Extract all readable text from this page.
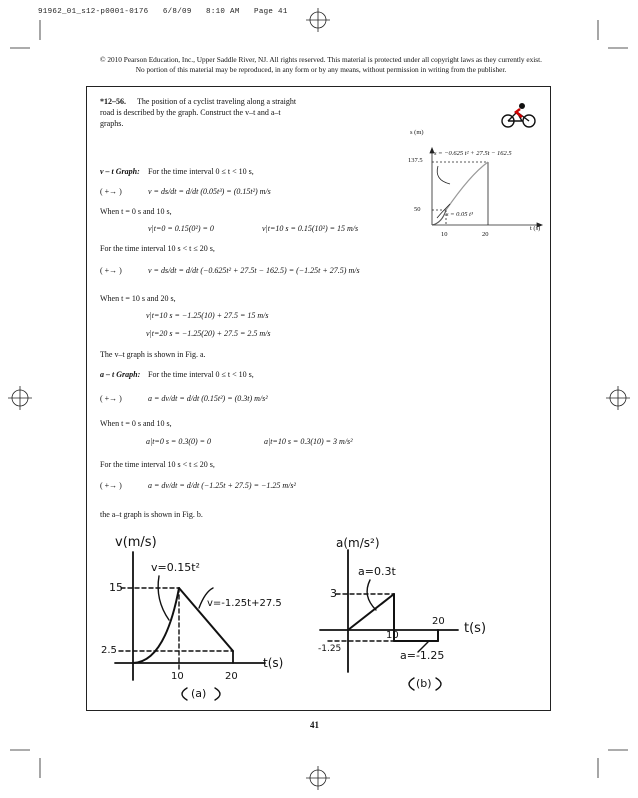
91962_01_s12-p0001-0176   6/8/09   8:10 AM   Page 41
© 2010 Pearson Education, Inc., Upper Saddle River, NJ. All rights reserved. This material is protected under all copyright laws as they currently exist. No portion of this material may be reproduced, in any form or by any means, without permission in writing from the publisher.
*12–56. The position of a cyclist traveling along a straight
road is described by the graph. Construct the v–t and a–t
graphs.
s (m)
t (s)
137.5
50
10	20
s = 0.05 t³
s = −0.625 t² + 27.5t − 162.5
v – t Graph: For the time interval 0 ≤ t < 10 s,
( +→ )	v = ds/dt = d/dt (0.05t³) = (0.15t²) m/s
When t = 0 s and 10 s,
v|t=0 = 0.15(0²) = 0	v|t=10 s = 0.15(10²) = 15 m/s
For the time interval 10 s < t ≤ 20 s,
( +→ )	v = ds/dt = d/dt (−0.625t² + 27.5t − 162.5) = (−1.25t + 27.5) m/s
When t = 10 s and 20 s,
v|t=10 s = −1.25(10) + 27.5 = 15 m/s
v|t=20 s = −1.25(20) + 27.5 = 2.5 m/s
The v–t graph is shown in Fig. a.
a – t Graph: For the time interval 0 ≤ t < 10 s,
( +→ )	a = dv/dt = d/dt (0.15t²) = (0.3t) m/s²
When t = 0 s and 10 s,
a|t=0 s = 0.3(0) = 0	a|t=10 s = 0.3(10) = 3 m/s²
For the time interval 10 s < t ≤ 20 s,
( +→ )	a = dv/dt = d/dt (−1.25t + 27.5) = −1.25 m/s²
the a–t graph is shown in Fig. b.
v(m/s)
t(s)
15
2.5
10	20
v=0.15t²
v=-1.25t+27.5
(a)
a(m/s²)
t(s)
3
-1.25
10
20
a=0.3t
a=-1.25
(b)
41
